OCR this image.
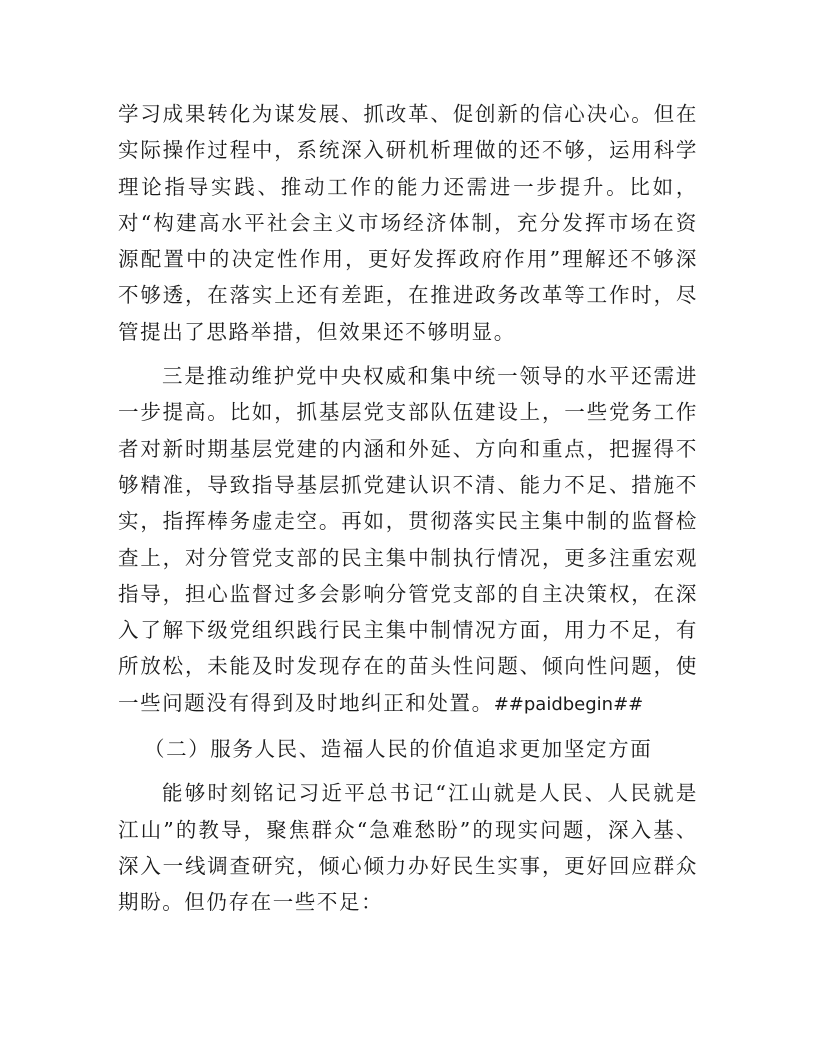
学习成果转化为谋发展、抓改革、促创新的信心决心。但在实际操作过程中，系统深入研机析理做的还不够，运用科学理论指导实践、推动工作的能力还需进一步提升。比如，对“构建高水平社会主义市场经济体制，充分发挥市场在资源配置中的决定性作用，更好发挥政府作用”理解还不够深不够透，在落实上还有差距，在推进政务改革等工作时，尽管提出了思路举措，但效果还不够明显。

三是推动维护党中央权威和集中统一领导的水平还需进一步提高。比如，抓基层党支部队伍建设上，一些党务工作者对新时期基层党建的内涵和外延、方向和重点，把握得不够精准，导致指导基层抓党建认识不清、能力不足、措施不实，指挥棒务虚走空。再如，贯彻落实民主集中制的监督检查上，对分管党支部的民主集中制执行情况，更多注重宏观指导，担心监督过多会影响分管党支部的自主决策权，在深入了解下级党组织践行民主集中制情况方面，用力不足，有所放松，未能及时发现存在的苗头性问题、倾向性问题，使一些问题没有得到及时地纠正和处置。##paidbegin##

（二）服务人民、造福人民的价值追求更加坚定方面

能够时刻铭记习近平总书记“江山就是人民、人民就是江山”的教导，聚焦群众“急难愁盼”的现实问题，深入基、深入一线调查研究，倾心倾力办好民生实事，更好回应群众期盼。但仍存在一些不足：
